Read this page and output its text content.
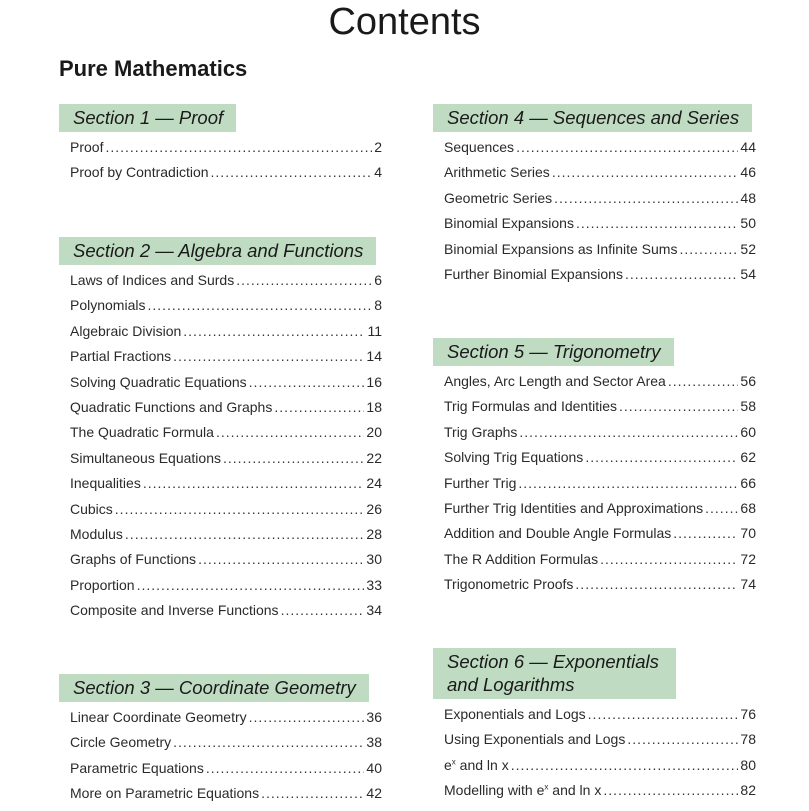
Contents
Pure Mathematics
Section 1 — Proof
Proof .....	2
Proof by Contradiction .....	4
Section 2 — Algebra and Functions
Laws of Indices and Surds .....	6
Polynomials .....	8
Algebraic Division .....	11
Partial Fractions .....	14
Solving Quadratic Equations .....	16
Quadratic Functions and Graphs .....	18
The Quadratic Formula .....	20
Simultaneous Equations .....	22
Inequalities .....	24
Cubics .....	26
Modulus .....	28
Graphs of Functions .....	30
Proportion .....	33
Composite and Inverse Functions .....	34
Section 3 — Coordinate Geometry
Linear Coordinate Geometry .....	36
Circle Geometry .....	38
Parametric Equations .....	40
More on Parametric Equations .....	42
Section 4 — Sequences and Series
Sequences .....	44
Arithmetic Series .....	46
Geometric Series .....	48
Binomial Expansions .....	50
Binomial Expansions as Infinite Sums .....	52
Further Binomial Expansions .....	54
Section 5 — Trigonometry
Angles, Arc Length and Sector Area .....	56
Trig Formulas and Identities .....	58
Trig Graphs .....	60
Solving Trig Equations .....	62
Further Trig .....	66
Further Trig Identities and Approximations .....	68
Addition and Double Angle Formulas .....	70
The R Addition Formulas .....	72
Trigonometric Proofs .....	74
Section 6 — Exponentials
and Logarithms
Exponentials and Logs .....	76
Using Exponentials and Logs .....	78
$e^x$ and ln x .....	80
Modelling with $e^x$ and ln x .....	82
